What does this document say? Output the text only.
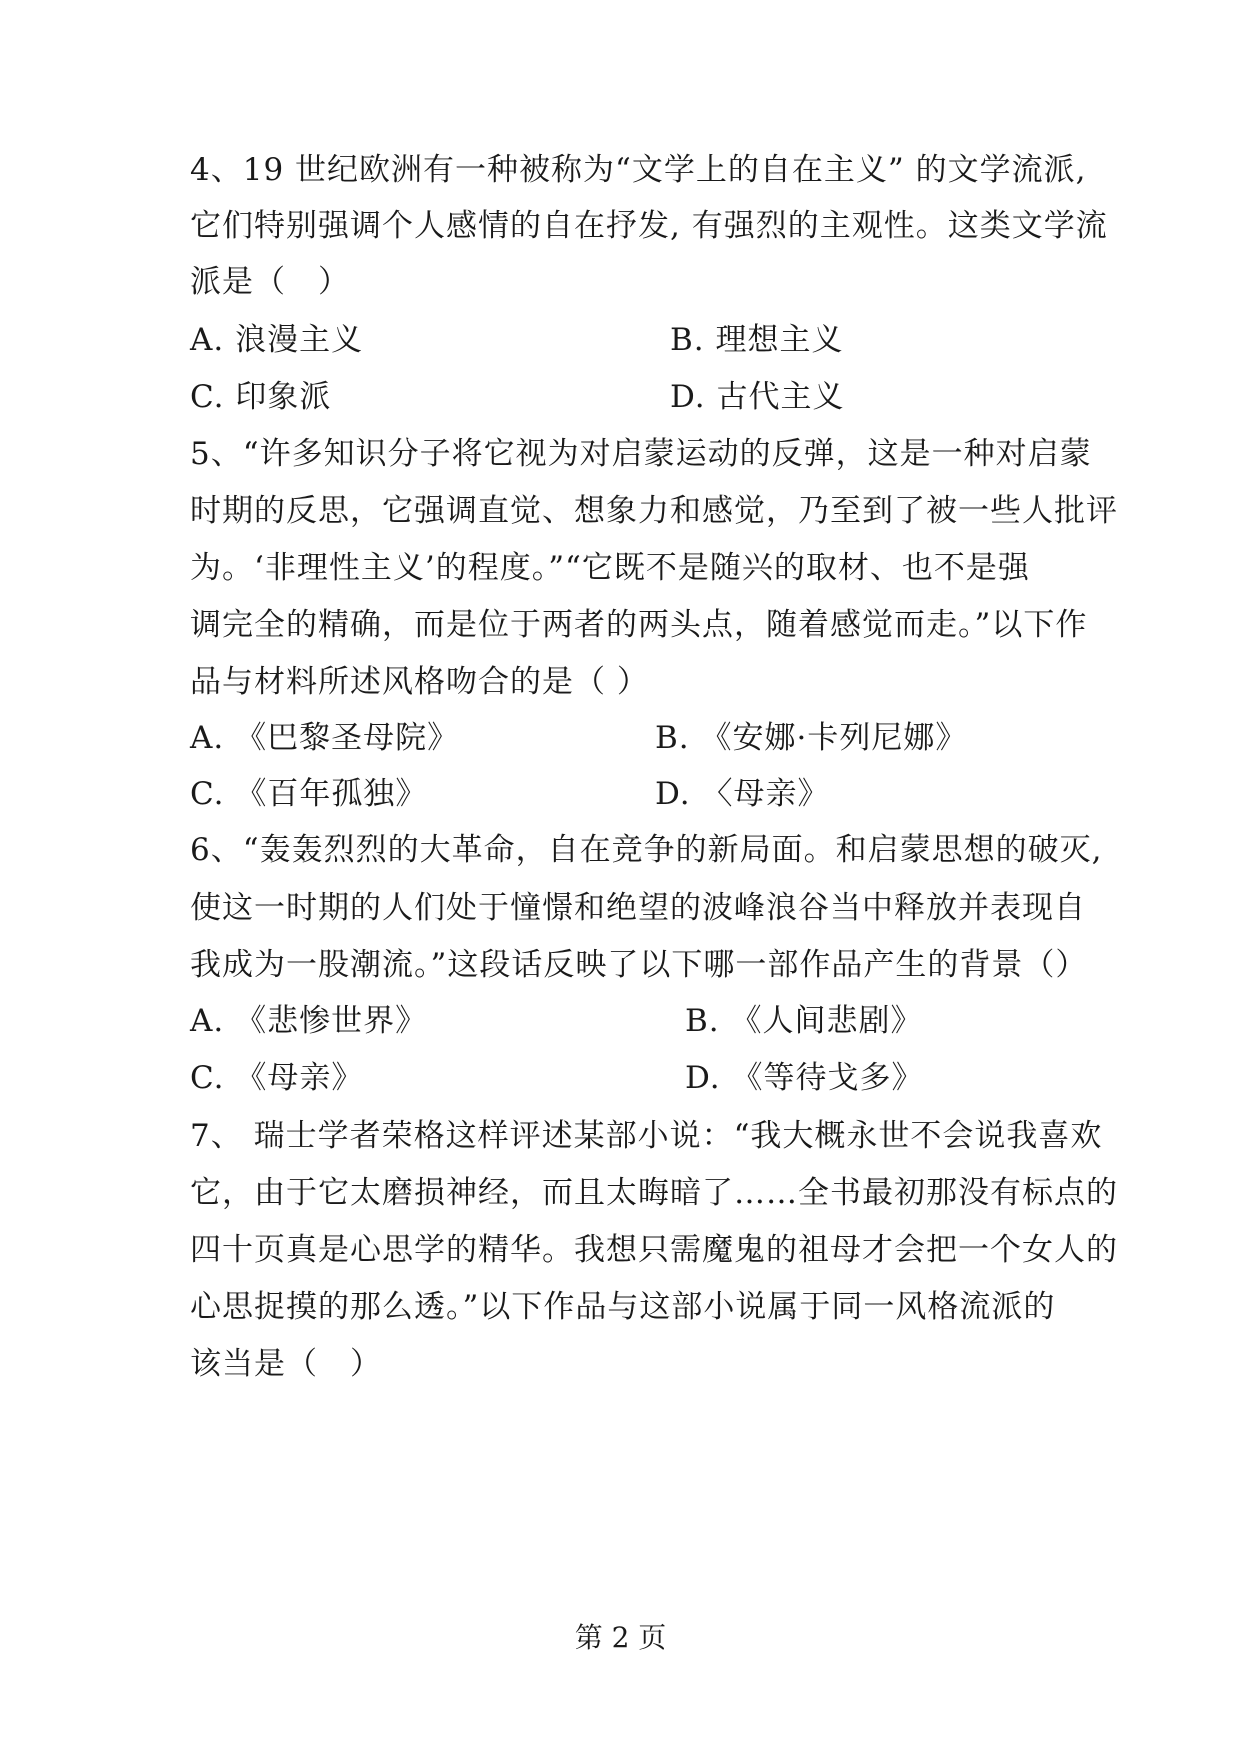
4、19 世纪欧洲有一种被称为“文学上的自在主义” 的文学流派,
它们特别强调个人感情的自在抒发, 有强烈的主观性。这类文学流
派是（　）
A. 浪漫主义	B. 理想主义
C. 印象派	D. 古代主义
5、“许多知识分子将它视为对启蒙运动的反弹，这是一种对启蒙
时期的反思，它强调直觉、想象力和感觉，乃至到了被一些人批评
为。‘非理性主义’的程度。”“它既不是随兴的取材、也不是强
调完全的精确，而是位于两者的两头点，随着感觉而走。”以下作
品与材料所述风格吻合的是（ ）
A. 《巴黎圣母院》	B. 《安娜·卡列尼娜》
C. 《百年孤独》	D. 〈母亲》
6、“轰轰烈烈的大革命，自在竞争的新局面。和启蒙思想的破灭,
使这一时期的人们处于憧憬和绝望的波峰浪谷当中释放并表现自
我成为一股潮流。”这段话反映了以下哪一部作品产生的背景（）
A. 《悲惨世界》	B. 《人间悲剧》
C. 《母亲》	D. 《等待戈多》
7、 瑞士学者荣格这样评述某部小说：“我大概永世不会说我喜欢
它，由于它太磨损神经，而且太晦暗了……全书最初那没有标点的
四十页真是心思学的精华。我想只需魔鬼的祖母才会把一个女人的
心思捉摸的那么透。”以下作品与这部小说属于同一风格流派的
该当是（　）
第 2 页
